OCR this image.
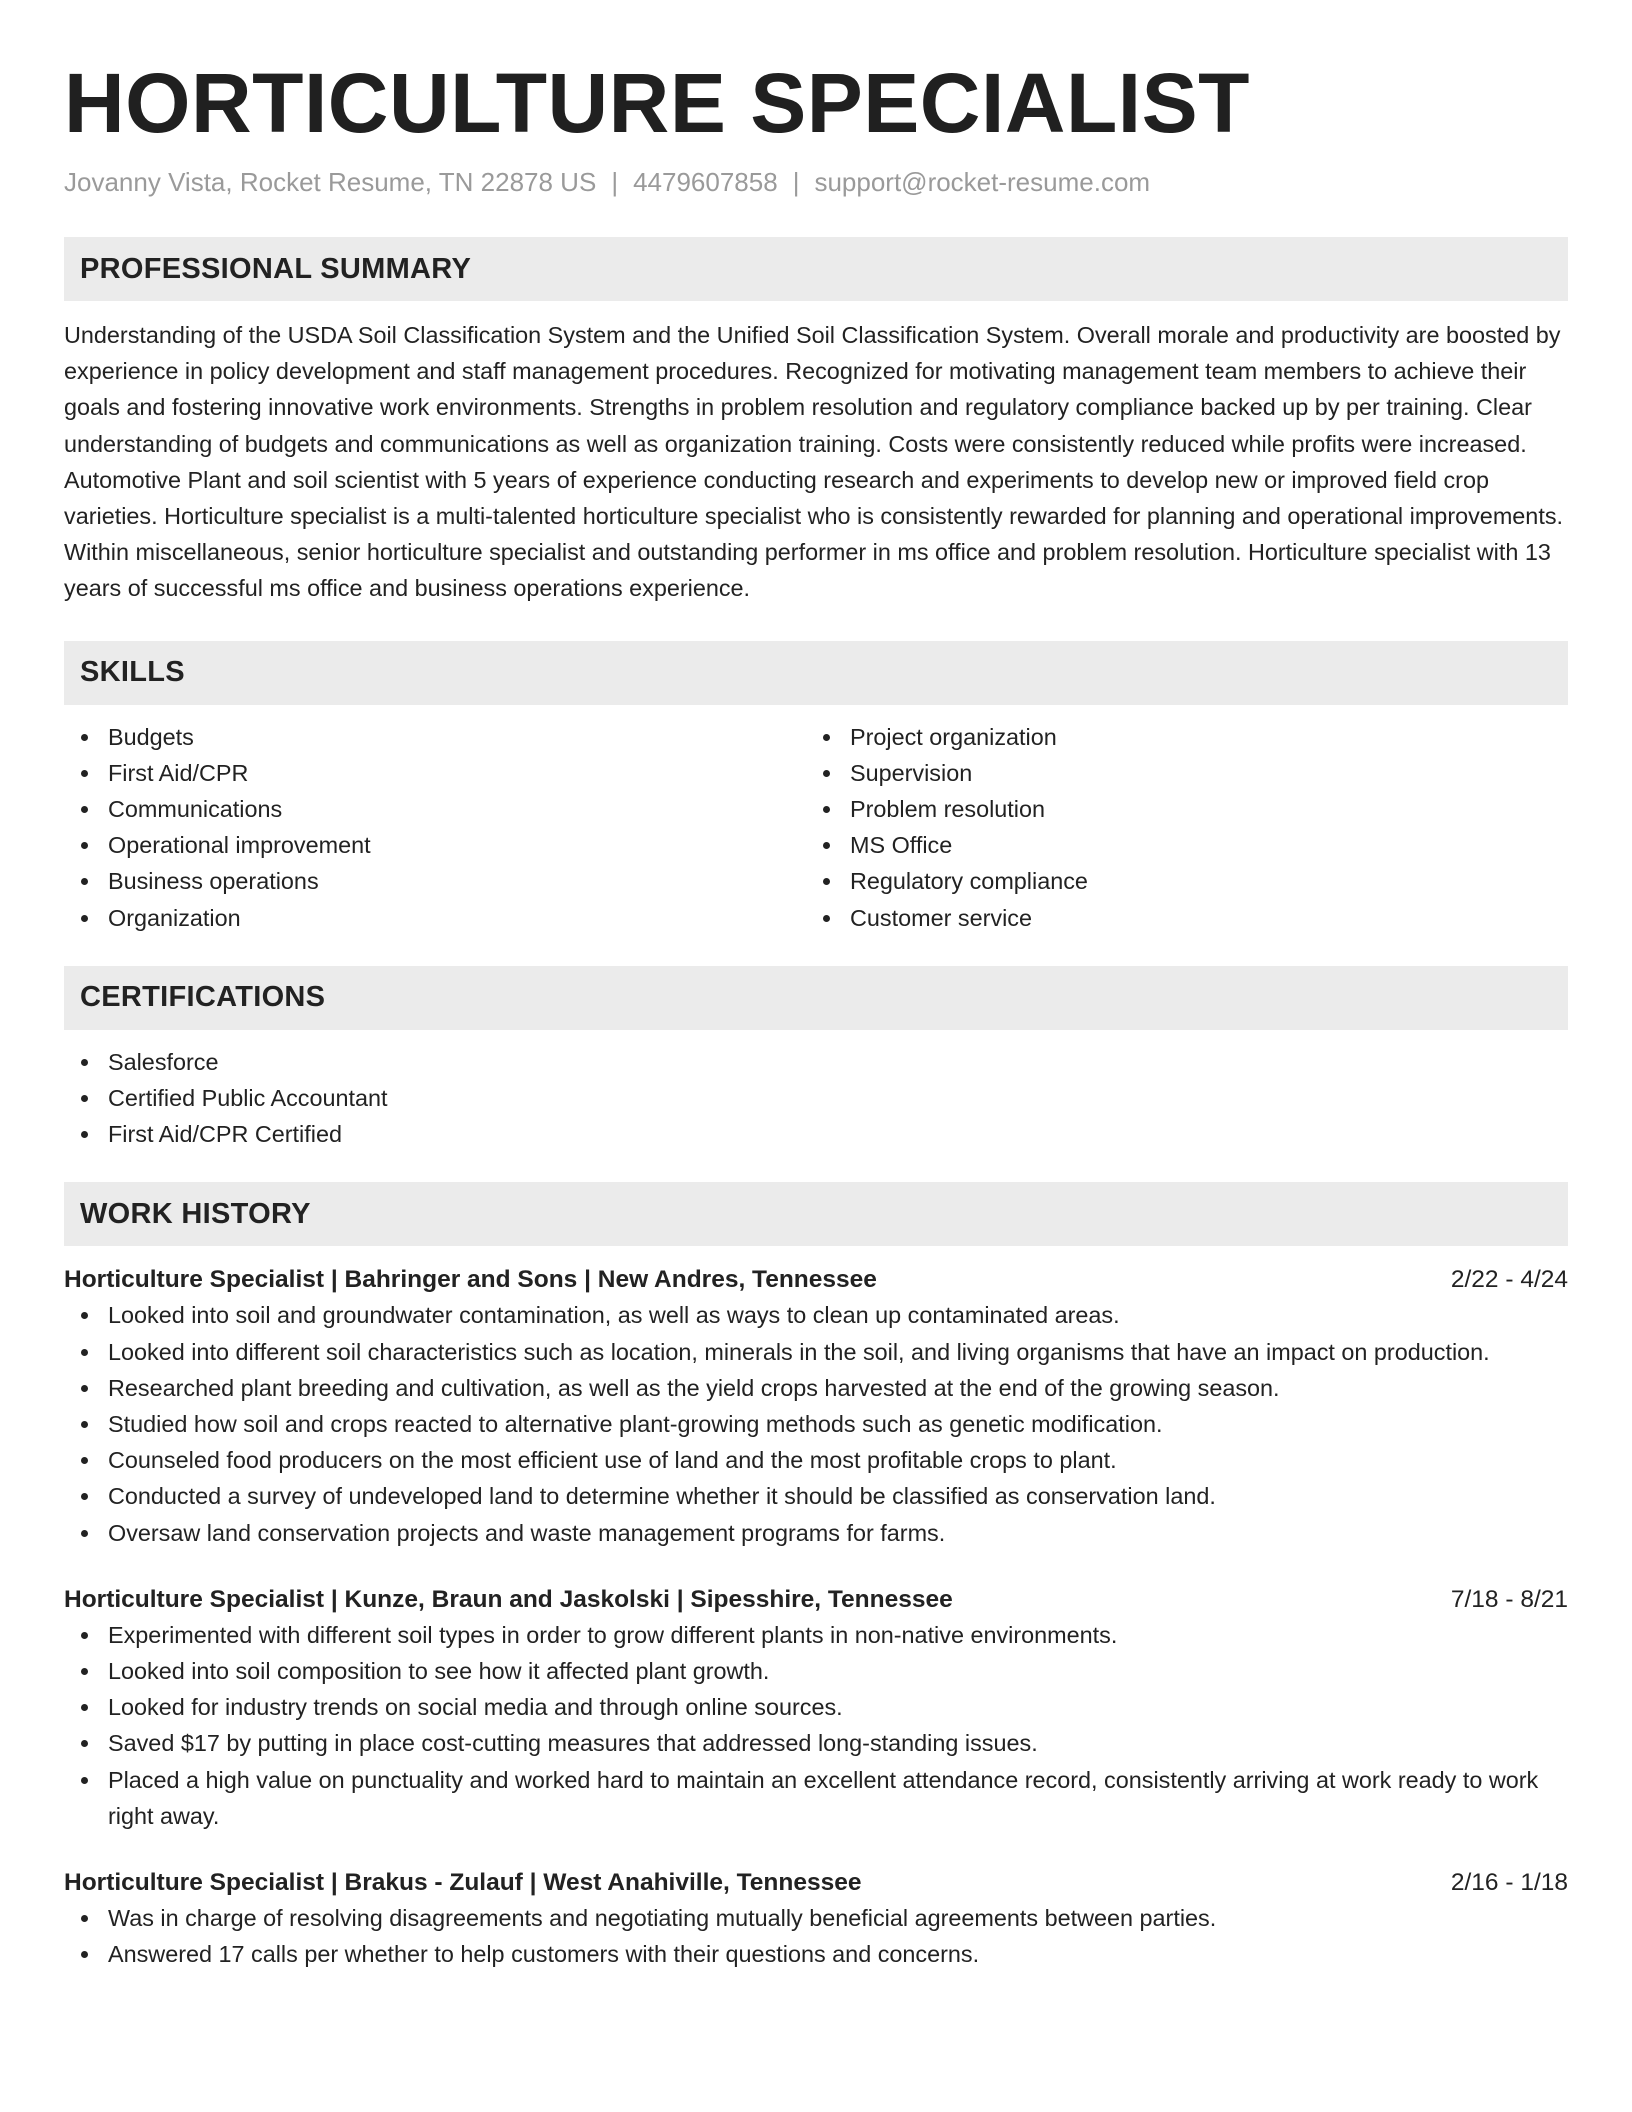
HORTICULTURE SPECIALIST
Jovanny Vista, Rocket Resume, TN 22878 US | 4479607858 | support@rocket-resume.com
PROFESSIONAL SUMMARY

Understanding of the USDA Soil Classification System and the Unified Soil Classification System. Overall morale and productivity are boosted by experience in policy development and staff management procedures. Recognized for motivating management team members to achieve their goals and fostering innovative work environments. Strengths in problem resolution and regulatory compliance backed up by per training. Clear understanding of budgets and communications as well as organization training. Costs were consistently reduced while profits were increased. Automotive Plant and soil scientist with 5 years of experience conducting research and experiments to develop new or improved field crop varieties. Horticulture specialist is a multi-talented horticulture specialist who is consistently rewarded for planning and operational improvements. Within miscellaneous, senior horticulture specialist and outstanding performer in ms office and problem resolution. Horticulture specialist with 13 years of successful ms office and business operations experience.

SKILLS
Budgets
First Aid/CPR
Communications
Operational improvement
Business operations
Organization
Project organization
Supervision
Problem resolution
MS Office
Regulatory compliance
Customer service
CERTIFICATIONS
Salesforce
Certified Public Accountant
First Aid/CPR Certified
WORK HISTORY
Horticulture Specialist | Bahringer and Sons | New Andres, Tennessee	2/22 - 4/24
Looked into soil and groundwater contamination, as well as ways to clean up contaminated areas.
Looked into different soil characteristics such as location, minerals in the soil, and living organisms that have an impact on production.
Researched plant breeding and cultivation, as well as the yield crops harvested at the end of the growing season.
Studied how soil and crops reacted to alternative plant-growing methods such as genetic modification.
Counseled food producers on the most efficient use of land and the most profitable crops to plant.
Conducted a survey of undeveloped land to determine whether it should be classified as conservation land.
Oversaw land conservation projects and waste management programs for farms.
Horticulture Specialist | Kunze, Braun and Jaskolski | Sipesshire, Tennessee	7/18 - 8/21
Experimented with different soil types in order to grow different plants in non-native environments.
Looked into soil composition to see how it affected plant growth.
Looked for industry trends on social media and through online sources.
Saved $17 by putting in place cost-cutting measures that addressed long-standing issues.
Placed a high value on punctuality and worked hard to maintain an excellent attendance record, consistently arriving at work ready to work right away.
Horticulture Specialist | Brakus - Zulauf | West Anahiville, Tennessee	2/16 - 1/18
Was in charge of resolving disagreements and negotiating mutually beneficial agreements between parties.
Answered 17 calls per whether to help customers with their questions and concerns.
